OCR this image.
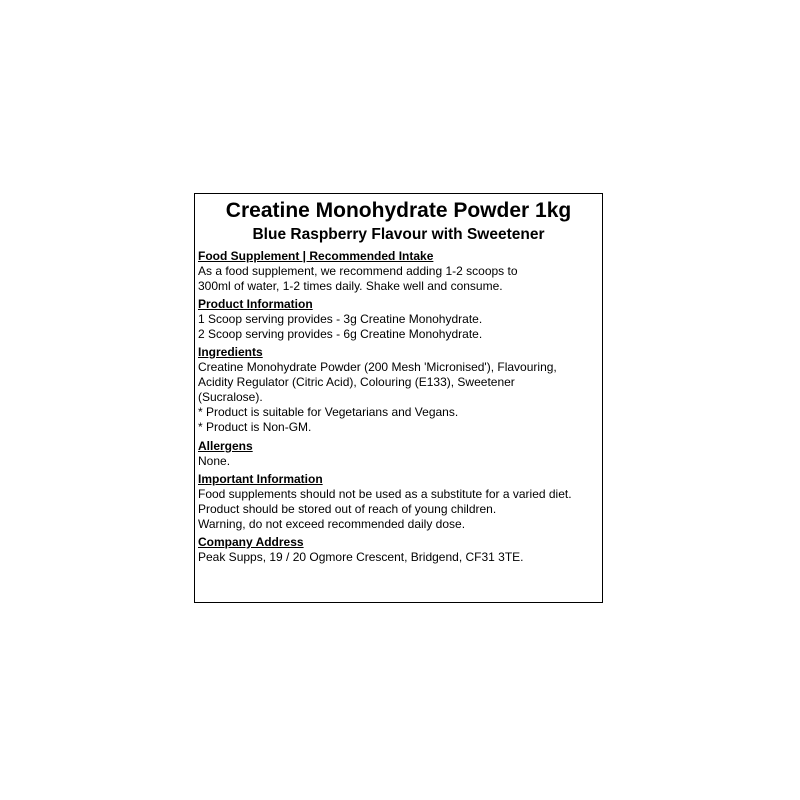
Creatine Monohydrate Powder 1kg
Blue Raspberry Flavour with Sweetener
Food Supplement | Recommended Intake
As a food supplement, we recommend adding 1-2 scoops to
300ml of water, 1-2 times daily. Shake well and consume.
Product Information
1 Scoop serving provides - 3g Creatine Monohydrate.
2 Scoop serving provides - 6g Creatine Monohydrate.
Ingredients
Creatine Monohydrate Powder (200 Mesh 'Micronised'), Flavouring,
Acidity Regulator (Citric Acid), Colouring (E133), Sweetener
(Sucralose).
* Product is suitable for Vegetarians and Vegans.
* Product is Non-GM.
Allergens
None.
Important Information
Food supplements should not be used as a substitute for a varied diet.
Product should be stored out of reach of young children.
Warning, do not exceed recommended daily dose.
Company Address
Peak Supps, 19 / 20 Ogmore Crescent, Bridgend, CF31 3TE.
